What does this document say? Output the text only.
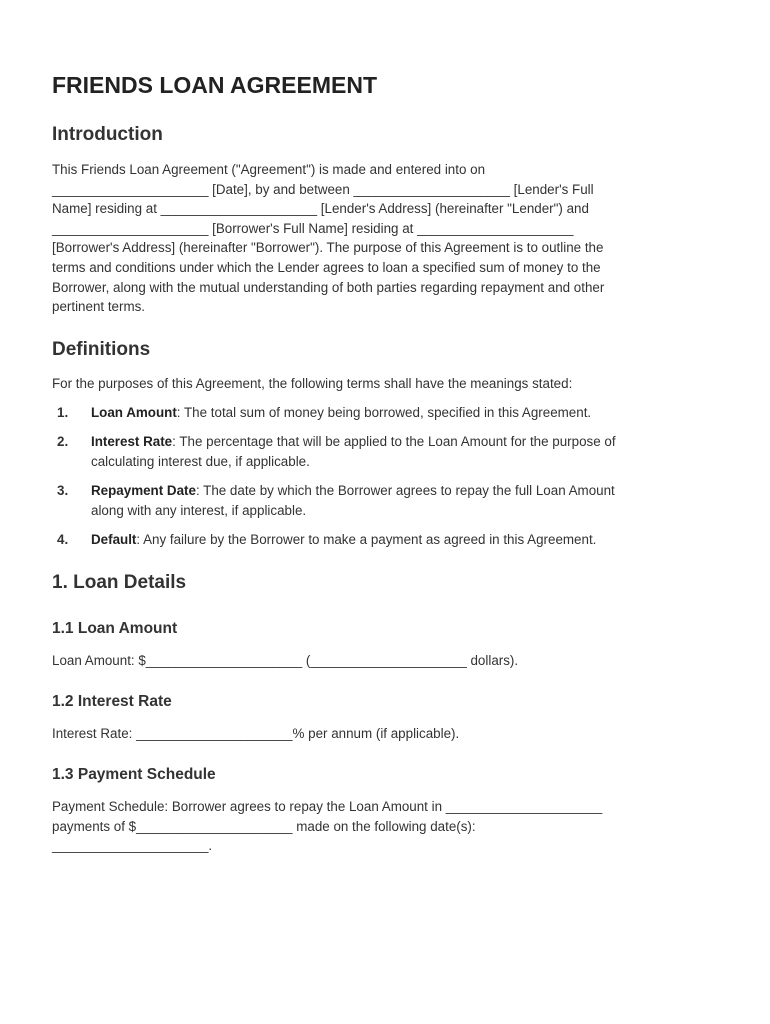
FRIENDS LOAN AGREEMENT
Introduction
This Friends Loan Agreement ("Agreement") is made and entered into on
_____________________ [Date], by and between _____________________ [Lender's Full
Name] residing at _____________________ [Lender's Address] (hereinafter "Lender") and
_____________________ [Borrower's Full Name] residing at _____________________
[Borrower's Address] (hereinafter "Borrower"). The purpose of this Agreement is to outline the
terms and conditions under which the Lender agrees to loan a specified sum of money to the
Borrower, along with the mutual understanding of both parties regarding repayment and other
pertinent terms.
Definitions
For the purposes of this Agreement, the following terms shall have the meanings stated:
1. Loan Amount: The total sum of money being borrowed, specified in this Agreement.
2. Interest Rate: The percentage that will be applied to the Loan Amount for the purpose of
calculating interest due, if applicable.
3. Repayment Date: The date by which the Borrower agrees to repay the full Loan Amount
along with any interest, if applicable.
4. Default: Any failure by the Borrower to make a payment as agreed in this Agreement.
1. Loan Details
1.1 Loan Amount
Loan Amount: $_____________________ (_____________________ dollars).
1.2 Interest Rate
Interest Rate: _____________________% per annum (if applicable).
1.3 Payment Schedule
Payment Schedule: Borrower agrees to repay the Loan Amount in _____________________
payments of $_____________________ made on the following date(s):
_____________________.
